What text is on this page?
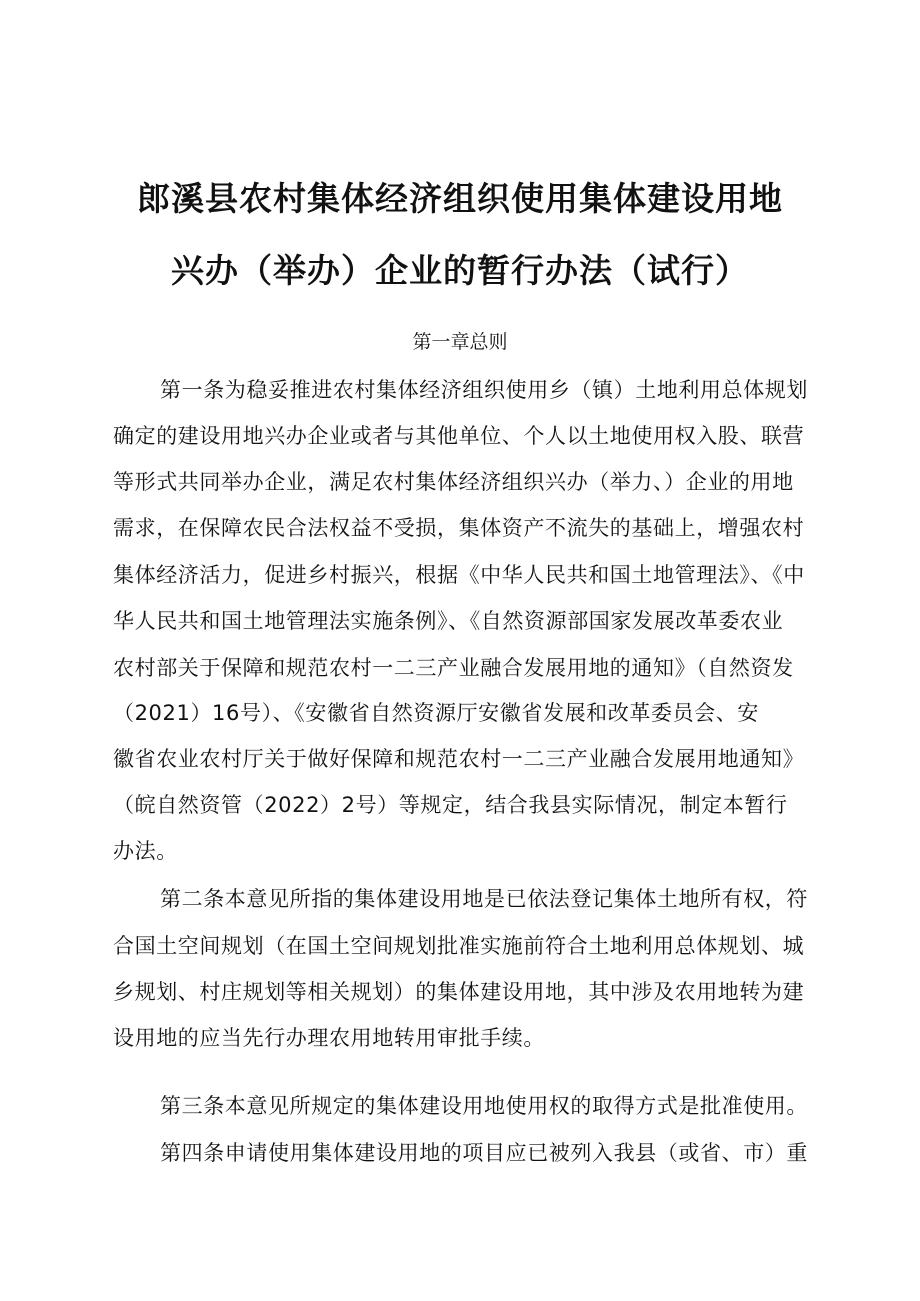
郎溪县农村集体经济组织使用集体建设用地
兴办（举办）企业的暂行办法（试行）
第一章总则
第一条为稳妥推进农村集体经济组织使用乡（镇）土地利用总体规划
确定的建设用地兴办企业或者与其他单位、个人以土地使用权入股、联营
等形式共同举办企业，满足农村集体经济组织兴办（举力、）企业的用地
需求，在保障农民合法权益不受损，集体资产不流失的基础上，增强农村
集体经济活力，促进乡村振兴，根据《中华人民共和国土地管理法》、《中
华人民共和国土地管理法实施条例》、《自然资源部国家发展改革委农业
农村部关于保障和规范农村一二三产业融合发展用地的通知》（自然资发
（2021）16号）、《安徽省自然资源厅安徽省发展和改革委员会、安
徽省农业农村厅关于做好保障和规范农村一二三产业融合发展用地通知》
（皖自然资管（2022）2号）等规定，结合我县实际情况，制定本暂行
办法。
第二条本意见所指的集体建设用地是已依法登记集体土地所有权，符
合国土空间规划（在国土空间规划批准实施前符合土地利用总体规划、城
乡规划、村庄规划等相关规划）的集体建设用地，其中涉及农用地转为建
设用地的应当先行办理农用地转用审批手续。
第三条本意见所规定的集体建设用地使用权的取得方式是批准使用。
第四条申请使用集体建设用地的项目应已被列入我县（或省、市）重
